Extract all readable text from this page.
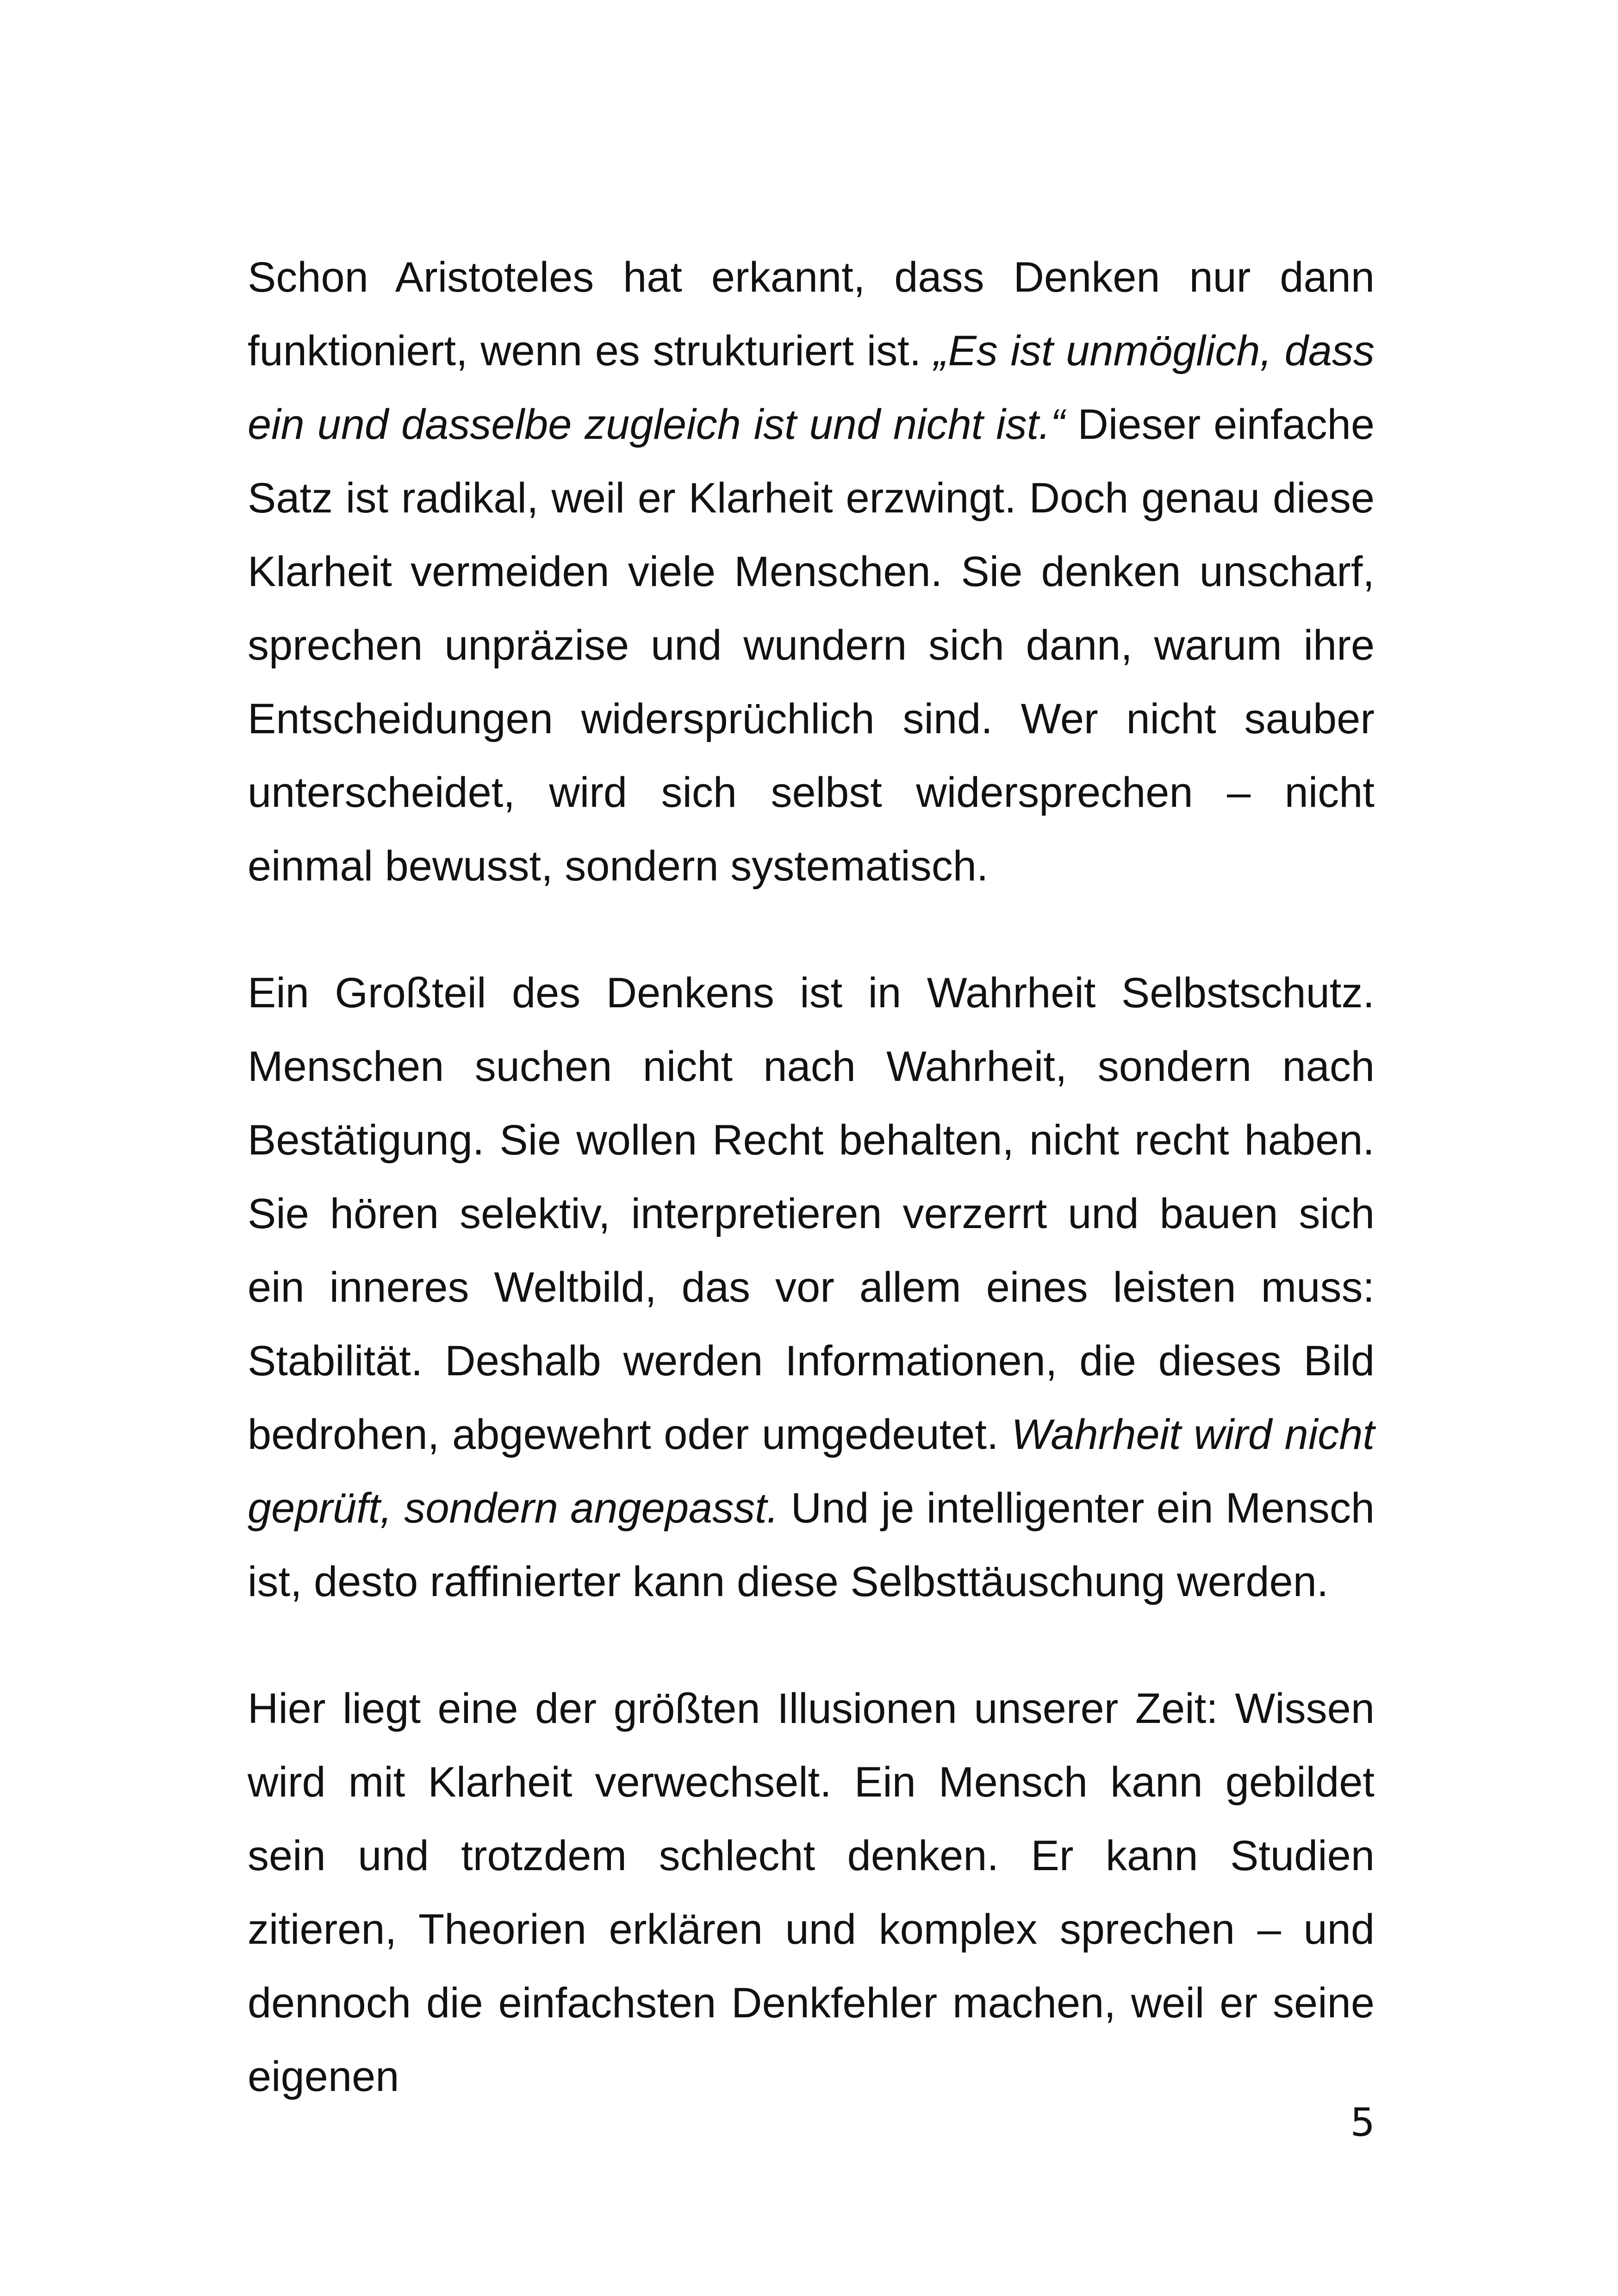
Schon Aristoteles hat erkannt, dass Denken nur dann funktioniert, wenn es strukturiert ist. „Es ist unmöglich, dass ein und dasselbe zugleich ist und nicht ist.“ Dieser einfache Satz ist radikal, weil er Klarheit erzwingt. Doch genau diese Klarheit vermeiden viele Menschen. Sie denken unscharf, sprechen unpräzise und wundern sich dann, warum ihre Entscheidungen widersprüchlich sind. Wer nicht sauber unterscheidet, wird sich selbst widersprechen – nicht einmal bewusst, sondern systematisch.

Ein Großteil des Denkens ist in Wahrheit Selbstschutz. Menschen suchen nicht nach Wahrheit, sondern nach Bestätigung. Sie wollen Recht behalten, nicht recht haben. Sie hören selektiv, interpretieren verzerrt und bauen sich ein inneres Weltbild, das vor allem eines leisten muss: Stabilität. Deshalb werden Informationen, die dieses Bild bedrohen, abgewehrt oder umgedeutet. Wahrheit wird nicht geprüft, sondern angepasst. Und je intelligenter ein Mensch ist, desto raffinierter kann diese Selbsttäuschung werden.

Hier liegt eine der größten Illusionen unserer Zeit: Wissen wird mit Klarheit verwechselt. Ein Mensch kann gebildet sein und trotzdem schlecht denken. Er kann Studien zitieren, Theorien erklären und komplex sprechen – und dennoch die einfachsten Denkfehler machen, weil er seine eigenen

5
